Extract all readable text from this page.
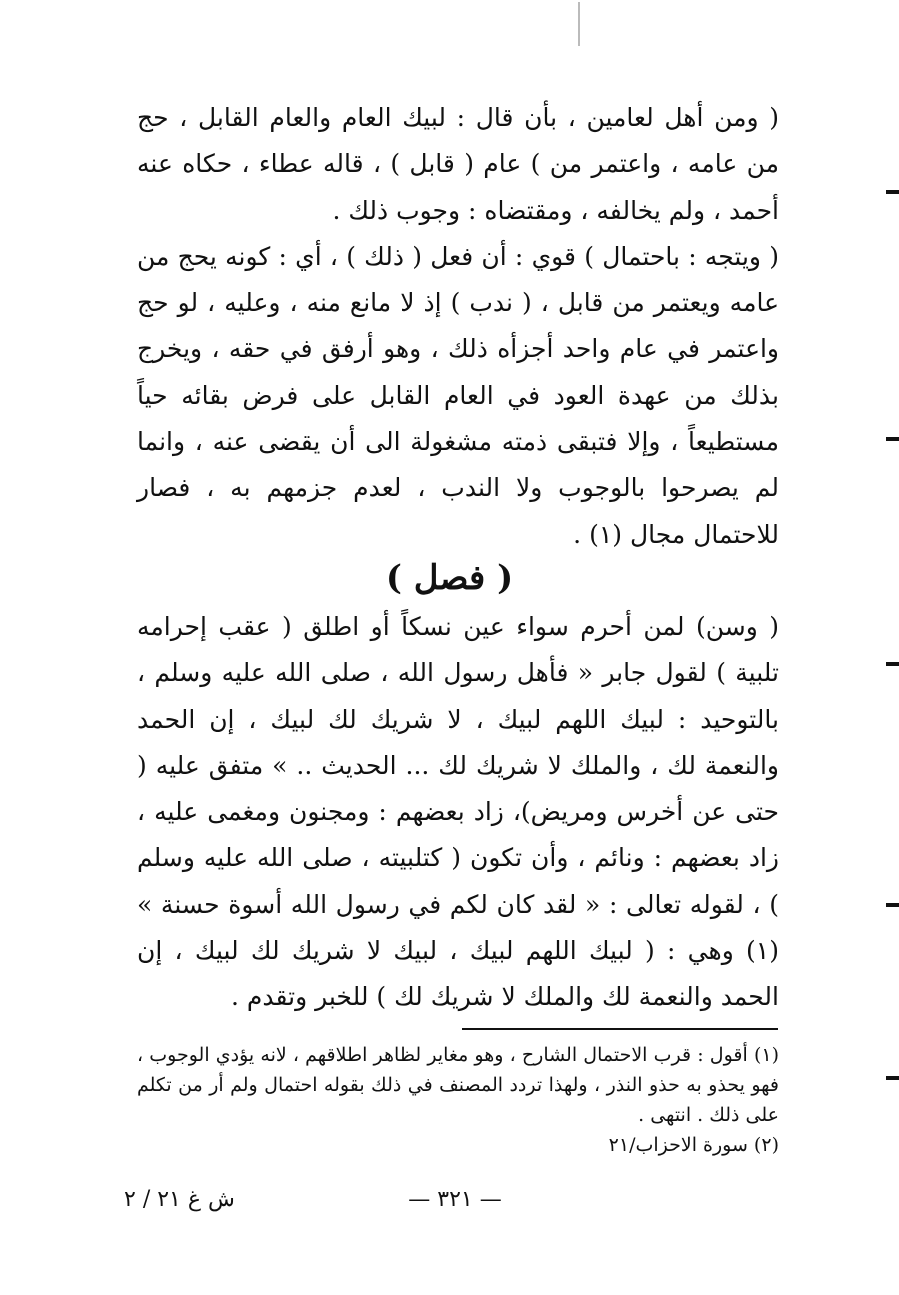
( ومن أهل لعامين ، بأن قال : لبيك العام والعام القابل ، حج من عامه ، واعتمر من ) عام ( قابل ) ، قاله عطاء ، حكاه عنه أحمد ، ولم يخالفه ، ومقتضاه : وجوب ذلك .

( ويتجه : باحتمال ) قوي : أن فعل ( ذلك ) ، أي : كونه يحج من عامه ويعتمر من قابل ، ( ندب ) إذ لا مانع منه ، وعليه ، لو حج واعتمر في عام واحد أجزأه ذلك ، وهو أرفق في حقه ، ويخرج بذلك من عهدة العود في العام القابل على فرض بقائه حياً مستطيعاً ، وإلا فتبقى ذمته مشغولة الى أن يقضى عنه ، وانما لم يصرحوا بالوجوب ولا الندب ، لعدم جزمهم به ، فصار للاحتمال مجال (١) .

( فصل )

( وسن) لمن أحرم سواء عين نسكاً أو اطلق ( عقب إحرامه تلبية ) لقول جابر « فأهل رسول الله ، صلى الله عليه وسلم ، بالتوحيد : لبيك اللهم لبيك ، لا شريك لك لبيك ، إن الحمد والنعمة لك ، والملك لا شريك لك ... الحديث .. » متفق عليه ( حتى عن أخرس ومريض)، زاد بعضهم : ومجنون ومغمى عليه ، زاد بعضهم : ونائم ، وأن تكون ( كتلبيته ، صلى الله عليه وسلم ) ، لقوله تعالى : « لقد كان لكم في رسول الله أسوة حسنة » (١) وهي : ( لبيك اللهم لبيك ، لبيك لا شريك لك لبيك ، إن الحمد والنعمة لك والملك لا شريك لك ) للخبر وتقدم .

(١) أقول : قرب الاحتمال الشارح ، وهو مغاير لظاهر اطلاقهم ، لانه يؤدي الوجوب ، فهو يحذو به حذو النذر ، ولهذا تردد المصنف في ذلك بقوله احتمال ولم أر من تكلم على ذلك . انتهى .

(٢) سورة الاحزاب/٢١

— ٣٢١ —
ش غ ٢١ / ٢
